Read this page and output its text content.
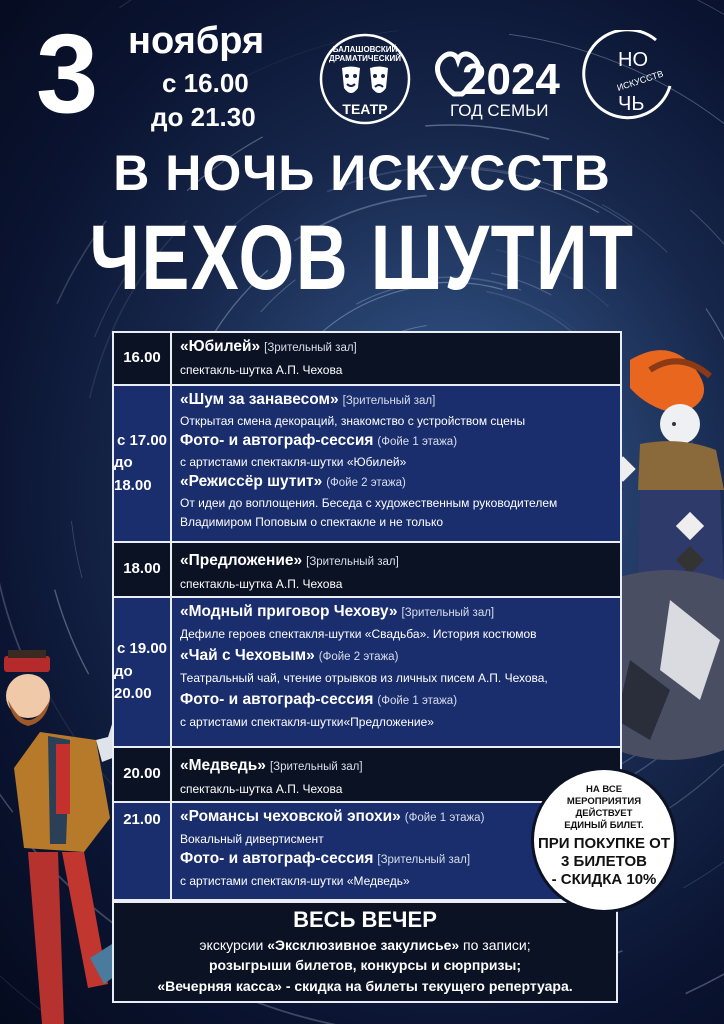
3 ноября
с 16.00
до 21.30
БАЛАШОВСКИЙ
ДРАМАТИЧЕСКИЙ
ТЕАТР
2024
ГОД СЕМЬИ
НО
ИСКУССТВ
ЧЬ
В НОЧЬ ИСКУССТВ
ЧЕХОВ ШУТИТ
16.00
«Юбилей» [Зрительный зал]
спектакль-шутка А.П. Чехова
с 17.00
до 18.00
«Шум за занавесом» [Зрительный зал]
Открытая смена декораций, знакомство с устройством сцены
Фото- и автограф-сессия (Фойе 1 этажа)
с артистами спектакля-шутки «Юбилей»
«Режиссёр шутит» (Фойе 2 этажа)
От идеи до воплощения. Беседа с художественным руководителем
Владимиром Поповым о спектакле и не только
18.00 «Предложение» [Зрительный зал]
спектакль-шутка А.П. Чехова
с 19.00
до 20.00
«Модный приговор Чехову» [Зрительный зал]
Дефиле героев спектакля-шутки «Свадьба». История костюмов
«Чай с Чеховым» (Фойе 2 этажа)
Театральный чай, чтение отрывков из личных писем А.П. Чехова,
Фото- и автограф-сессия (Фойе 1 этажа)
с артистами спектакля-шутки«Предложение»
20.00 «Медведь» [Зрительный зал]
спектакль-шутка А.П. Чехова
21.00 «Романсы чеховской эпохи» (Фойе 1 этажа)
Вокальный дивертисмент
Фото- и автограф-сессия [Зрительный зал]
с артистами спектакля-шутки «Медведь»
ВЕСЬ ВЕЧЕР
экскурсии «Эксклюзивное закулисье» по записи;
розыгрыши билетов, конкурсы и сюрпризы;
«Вечерняя касса» - скидка на билеты текущего репертуара.
НА ВСЕ
МЕРОПРИЯТИЯ
ДЕЙСТВУЕТ
ЕДИНЫЙ БИЛЕТ.
ПРИ ПОКУПКЕ ОТ
3 БИЛЕТОВ
- СКИДКА 10%
